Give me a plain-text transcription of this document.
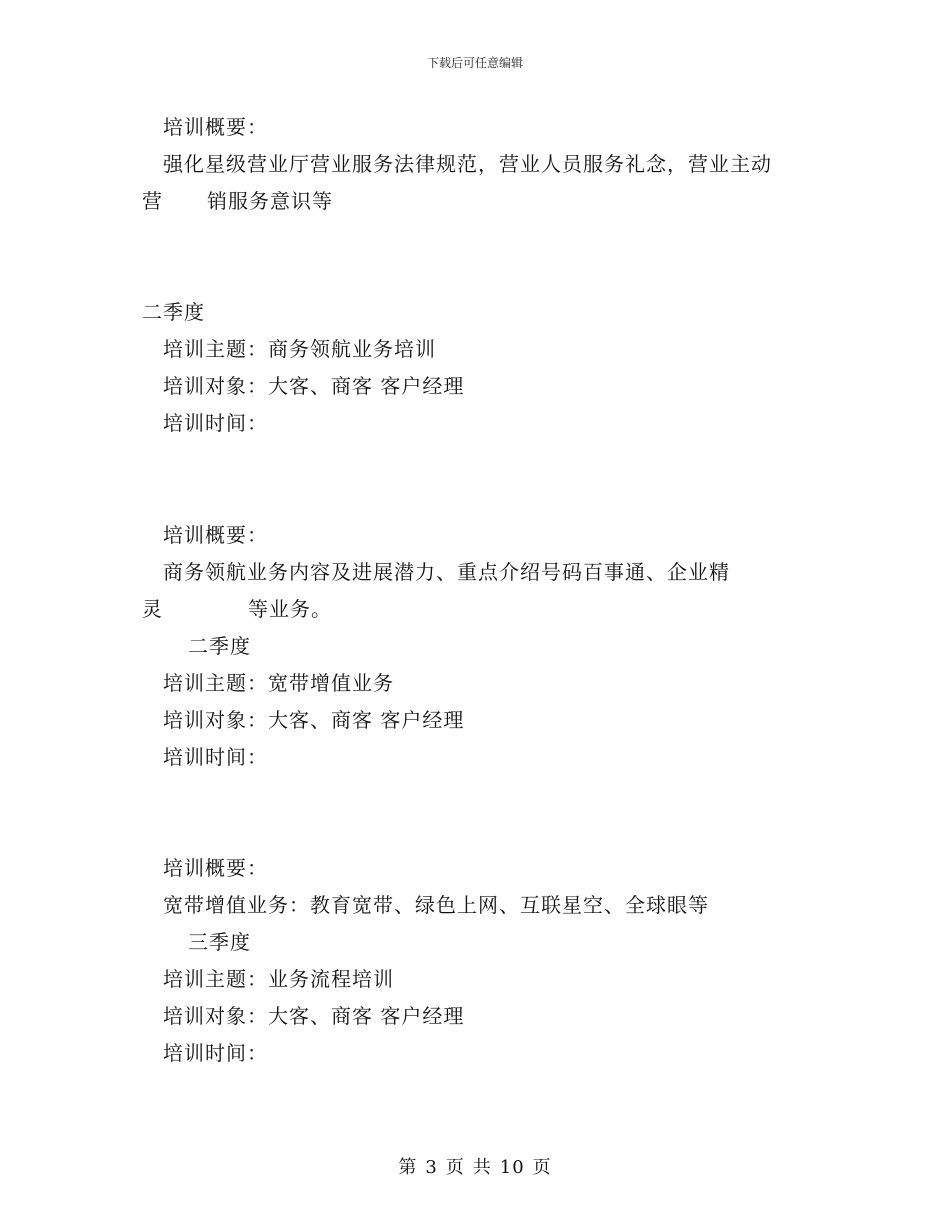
下载后可任意编辑
培训概要：
强化星级营业厅营业服务法律规范，营业人员服务礼念，营业主动
营 销服务意识等
二季度
培训主题：商务领航业务培训
培训对象：大客、商客 客户经理
培训时间：
培训概要：
商务领航业务内容及进展潜力、重点介绍号码百事通、企业精
灵	等业务。
二季度
培训主题：宽带增值业务
培训对象：大客、商客 客户经理
培训时间：
培训概要：
宽带增值业务：教育宽带、绿色上网、互联星空、全球眼等
三季度
培训主题：业务流程培训
培训对象：大客、商客 客户经理
培训时间：
第 3 页 共 10 页
